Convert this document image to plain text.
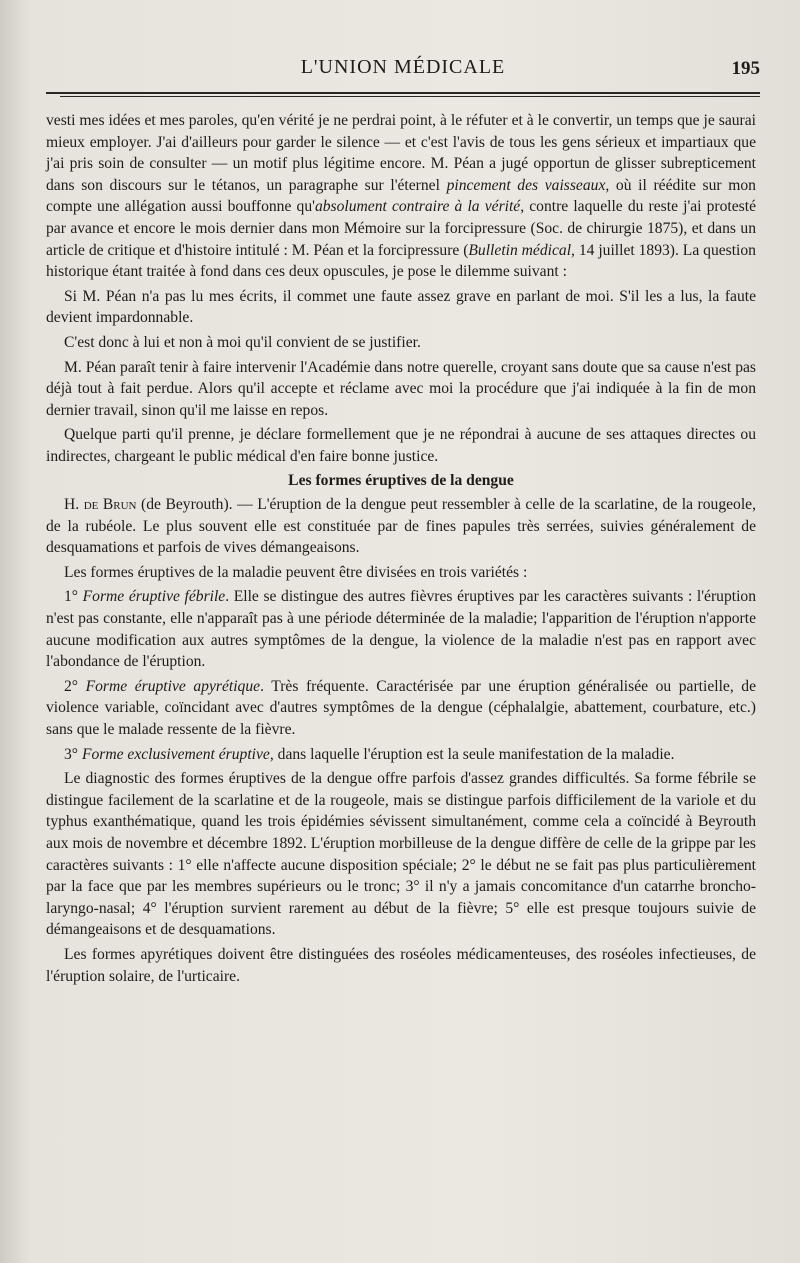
L'UNION MÉDICALE	195

vesti mes idées et mes paroles, qu'en vérité je ne perdrai point, à le réfuter et à le convertir, un temps que je saurai mieux employer. J'ai d'ailleurs pour garder le silence — et c'est l'avis de tous les gens sérieux et impartiaux que j'ai pris soin de consulter — un motif plus légitime encore. M. Péan a jugé opportun de glisser subrepticement dans son discours sur le tétanos, un paragraphe sur l'éternel pincement des vaisseaux, où il réédite sur mon compte une allégation aussi bouffonne qu'absolument contraire à la vérité, contre laquelle du reste j'ai protesté par avance et encore le mois dernier dans mon Mémoire sur la forcipressure (Soc. de chirurgie 1875), et dans un article de critique et d'histoire intitulé : M. Péan et la forcipressure (Bulletin médical, 14 juillet 1893). La question historique étant traitée à fond dans ces deux opuscules, je pose le dilemme suivant :

Si M. Péan n'a pas lu mes écrits, il commet une faute assez grave en parlant de moi. S'il les a lus, la faute devient impardonnable.

C'est donc à lui et non à moi qu'il convient de se justifier.

M. Péan paraît tenir à faire intervenir l'Académie dans notre querelle, croyant sans doute que sa cause n'est pas déjà tout à fait perdue. Alors qu'il accepte et réclame avec moi la procédure que j'ai indiquée à la fin de mon dernier travail, sinon qu'il me laisse en repos.

Quelque parti qu'il prenne, je déclare formellement que je ne répondrai à aucune de ses attaques directes ou indirectes, chargeant le public médical d'en faire bonne justice.

Les formes éruptives de la dengue

H. de Brun (de Beyrouth). — L'éruption de la dengue peut ressembler à celle de la scarlatine, de la rougeole, de la rubéole. Le plus souvent elle est constituée par de fines papules très serrées, suivies généralement de desquamations et parfois de vives démangeaisons.

Les formes éruptives de la maladie peuvent être divisées en trois variétés :

1° Forme éruptive fébrile. Elle se distingue des autres fièvres éruptives par les caractères suivants : l'éruption n'est pas constante, elle n'apparaît pas à une période déterminée de la maladie; l'apparition de l'éruption n'apporte aucune modification aux autres symptômes de la dengue, la violence de la maladie n'est pas en rapport avec l'abondance de l'éruption.

2° Forme éruptive apyrétique. Très fréquente. Caractérisée par une éruption généralisée ou partielle, de violence variable, coïncidant avec d'autres symptômes de la dengue (céphalalgie, abattement, courbature, etc.) sans que le malade ressente de la fièvre.

3° Forme exclusivement éruptive, dans laquelle l'éruption est la seule manifestation de la maladie.

Le diagnostic des formes éruptives de la dengue offre parfois d'assez grandes difficultés. Sa forme fébrile se distingue facilement de la scarlatine et de la rougeole, mais se distingue parfois difficilement de la variole et du typhus exanthématique, quand les trois épidémies sévissent simultanément, comme cela a coïncidé à Beyrouth aux mois de novembre et décembre 1892. L'éruption morbilleuse de la dengue diffère de celle de la grippe par les caractères suivants : 1° elle n'affecte aucune disposition spéciale; 2° le début ne se fait pas plus particulièrement par la face que par les membres supérieurs ou le tronc; 3° il n'y a jamais concomitance d'un catarrhe broncho-laryngo-nasal; 4° l'éruption survient rarement au début de la fièvre; 5° elle est presque toujours suivie de démangeaisons et de desquamations.

Les formes apyrétiques doivent être distinguées des roséoles médicamenteuses, des roséoles infectieuses, de l'éruption solaire, de l'urticaire.
